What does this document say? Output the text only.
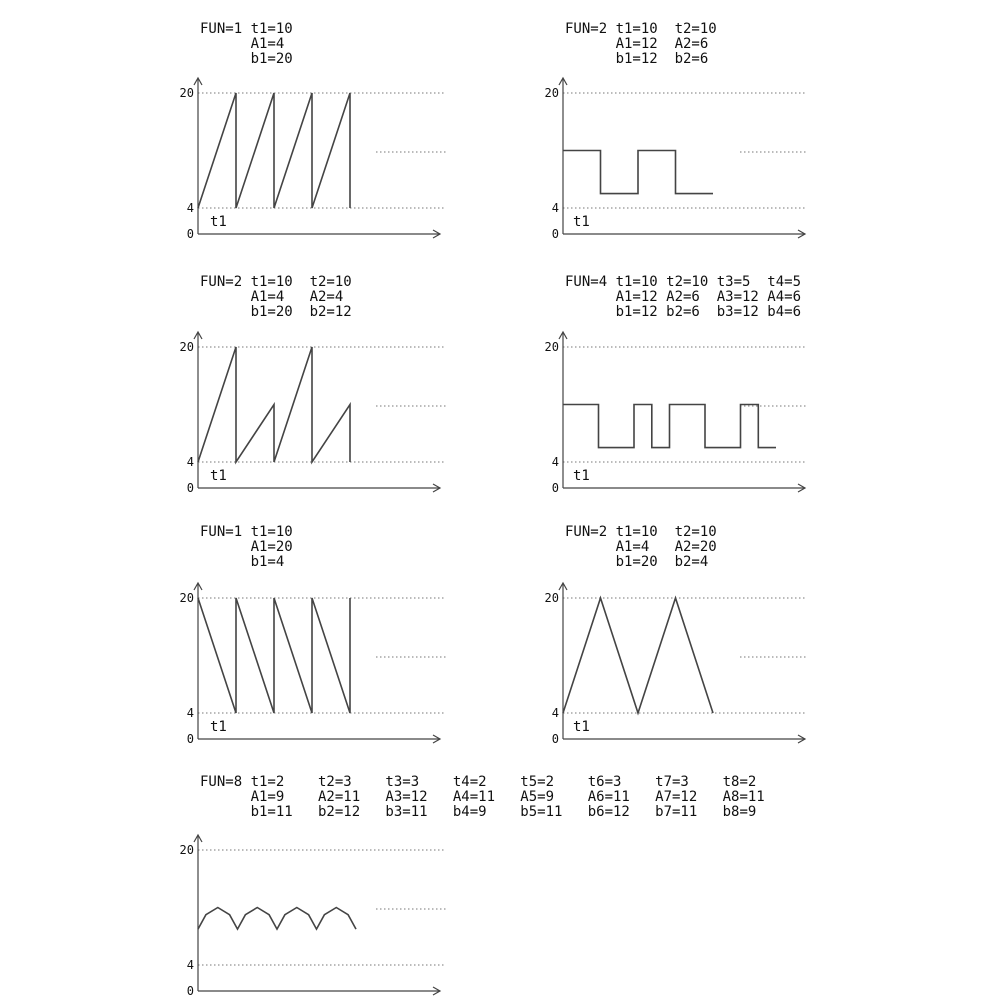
FUN=1 t1=10
A1=4
b1=20
20
4
0
t1
FUN=2 t1=10  t2=10
A1=12  A2=6
b1=12  b2=6
20
4
0
t1
FUN=2 t1=10  t2=10
A1=4   A2=4
b1=20  b2=12
20
4
0
t1
FUN=4 t1=10 t2=10 t3=5  t4=5
A1=12 A2=6  A3=12 A4=6
b1=12 b2=6  b3=12 b4=6
20
4
0
t1
FUN=1 t1=10
A1=20
b1=4
20
4
0
t1
FUN=2 t1=10  t2=10
A1=4   A2=20
b1=20  b2=4
20
4
0
t1
FUN=8 t1=2    t2=3    t3=3    t4=2    t5=2    t6=3    t7=3    t8=2
A1=9    A2=11   A3=12   A4=11   A5=9    A6=11   A7=12   A8=11
b1=11   b2=12   b3=11   b4=9    b5=11   b6=12   b7=11   b8=9
20
4
0
